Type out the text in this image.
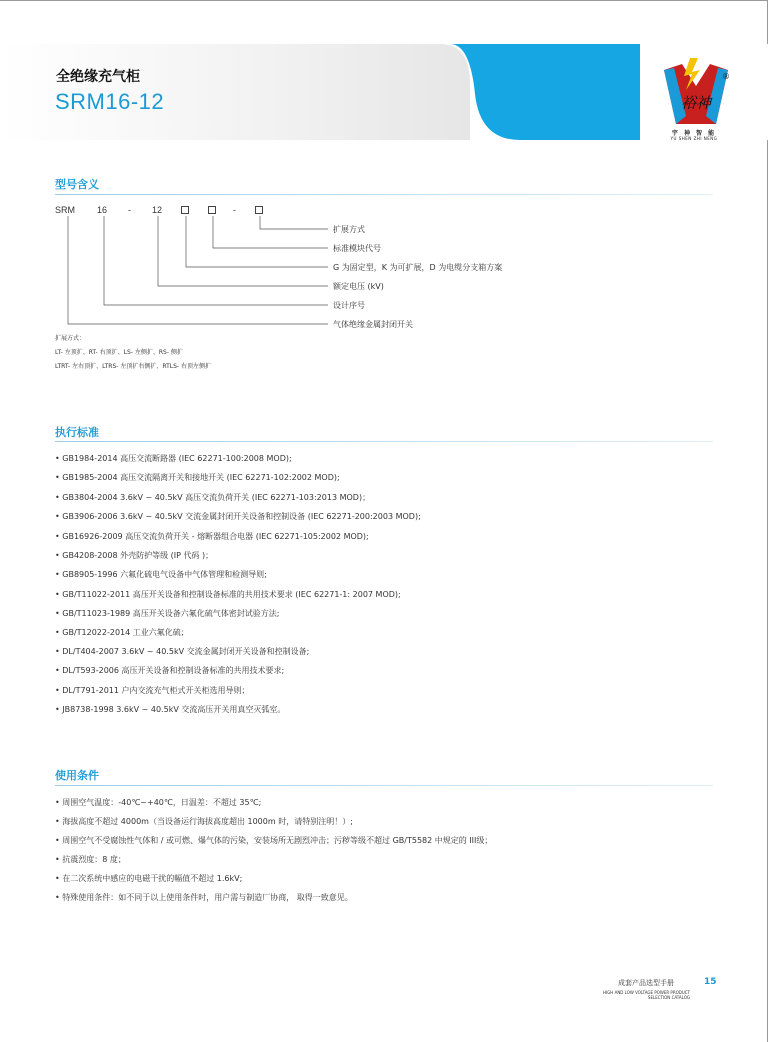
全绝缘充气柜
SRM16-12	裕神
®
宇 神 智 能
YU SHEN ZHI NENG
型号含义
SRM 16 - 12	-
扩展方式
标准模块代号
G 为固定型，K 为可扩展，D 为电缆分支箱方案
额定电压 (kV)
设计序号
气体绝缘金属封闭开关
扩展方式：
LT- 左顶扩、RT- 右顶扩、LS- 左侧扩、RS- 侧扩
LTRT- 左右顶扩、LTRS- 左顶扩右侧扩、RTLS- 右顶左侧扩
执行标准
• GB1984-2014 高压交流断路器 (IEC 62271-100:2008 MOD);
• GB1985-2004 高压交流隔离开关和接地开关 (IEC 62271-102:2002 MOD);
• GB3804-2004 3.6kV ~ 40.5kV 高压交流负荷开关 (IEC 62271-103:2013 MOD)；
• GB3906-2006 3.6kV ~ 40.5kV 交流金属封闭开关设备和控制设备 (IEC 62271-200:2003 MOD);
• GB16926-2009 高压交流负荷开关 - 熔断器组合电器 (IEC 62271-105:2002 MOD);
• GB4208-2008 外壳防护等级 (IP 代码 )；
• GB8905-1996 六氟化硫电气设备中气体管理和检测导则;
• GB/T11022-2011 高压开关设备和控制设备标准的共用技术要求 (IEC 62271-1: 2007 MOD);
• GB/T11023-1989 高压开关设备六氟化硫气体密封试验方法;
• GB/T12022-2014 工业六氟化硫；
• DL/T404-2007 3.6kV ~ 40.5kV 交流金属封闭开关设备和控制设备;
• DL/T593-2006 高压开关设备和控制设备标准的共用技术要求;
• DL/T791-2011 户内交流充气柜式开关柜选用导则；
• JB8738-1998 3.6kV ~ 40.5kV 交流高压开关用真空灭弧室。
使用条件
• 周围空气温度：-40℃~+40℃，日温差：不超过 35℃;
• 海拔高度不超过 4000m（当设备运行海拔高度超出 1000m 时，请特别注明！）;
• 周围空气不受腐蚀性气体和 / 或可燃、爆气体的污染，安装场所无剧烈冲击；污秽等级不超过 GB/T5582 中规定的 III级；
• 抗震烈度：8 度；
• 在二次系统中感应的电磁干扰的幅值不超过 1.6kV;
• 特殊使用条件：如不同于以上使用条件时，用户需与制造厂协商， 取得一致意见。
成套产品选型手册	15
HIGH AND LOW VOLTAGE POWER PRODUCT
SELECTION CATALOG
